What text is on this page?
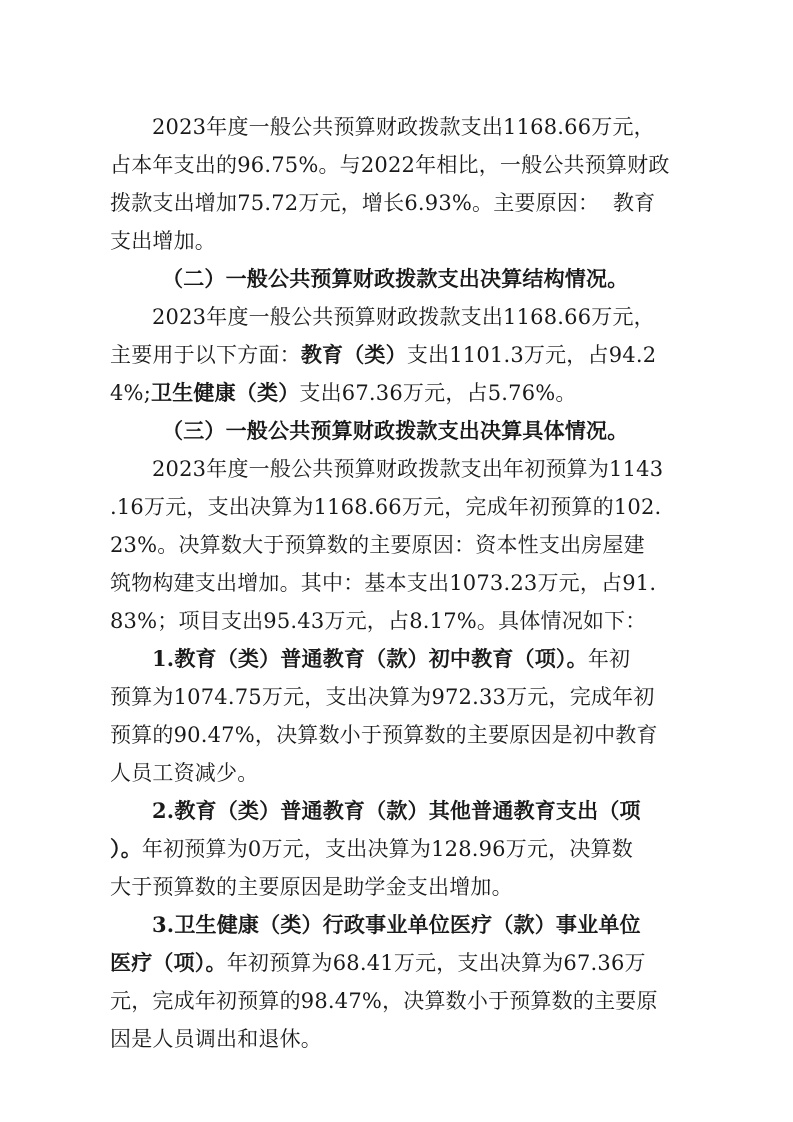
2023年度一般公共预算财政拨款支出1168.66万元，
占本年支出的96.75%。与2022年相比，一般公共预算财政
拨款支出增加75.72万元，增长6.93%。主要原因：  教育
支出增加。
（二）一般公共预算财政拨款支出决算结构情况。
2023年度一般公共预算财政拨款支出1168.66万元，
主要用于以下方面：教育（类）支出1101.3万元，占94.2
4%;卫生健康（类）支出67.36万元，占5.76%。
（三）一般公共预算财政拨款支出决算具体情况。
2023年度一般公共预算财政拨款支出年初预算为1143
.16万元，支出决算为1168.66万元，完成年初预算的102.
23%。决算数大于预算数的主要原因：资本性支出房屋建
筑物构建支出增加。其中：基本支出1073.23万元，占91.
83%；项目支出95.43万元，占8.17%。具体情况如下：
1.教育（类）普通教育（款）初中教育（项）。年初
预算为1074.75万元，支出决算为972.33万元，完成年初
预算的90.47%，决算数小于预算数的主要原因是初中教育
人员工资减少。
2.教育（类）普通教育（款）其他普通教育支出（项
）。年初预算为0万元，支出决算为128.96万元，决算数
大于预算数的主要原因是助学金支出增加。
3.卫生健康（类）行政事业单位医疗（款）事业单位
医疗（项）。年初预算为68.41万元，支出决算为67.36万
元，完成年初预算的98.47%，决算数小于预算数的主要原
因是人员调出和退休。
